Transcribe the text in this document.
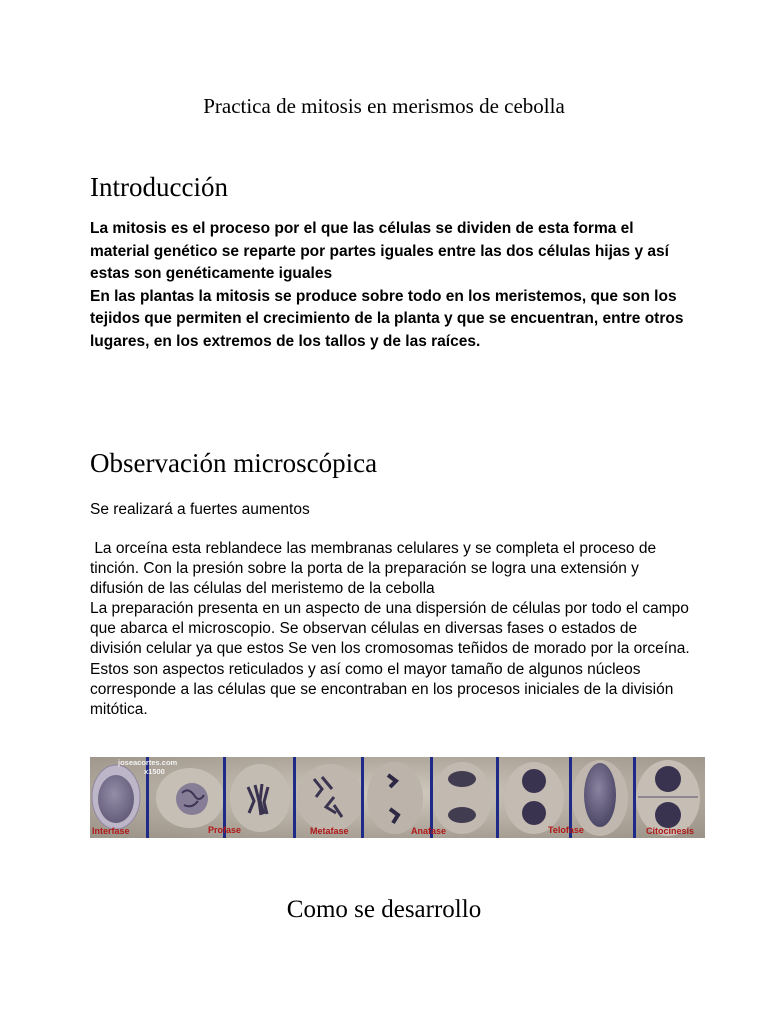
Practica de mitosis en merismos de cebolla
Introducción

La mitosis es el proceso por el que las células se dividen de esta forma el material genético se reparte por partes iguales entre las dos células hijas y así estas son genéticamente iguales

En las plantas la mitosis se produce sobre todo en los meristemos, que son los tejidos que permiten el crecimiento de la planta y que se encuentran, entre otros lugares, en los extremos de los tallos y de las raíces.

Observación microscópica
Se realizará a fuertes aumentos

La orceína esta reblandece las membranas celulares y se completa el proceso de tinción. Con la presión sobre la porta de la preparación se logra una extensión y difusión de las células del meristemo de la cebolla

La preparación presenta en un aspecto de una dispersión de células por todo el campo que abarca el microscopio. Se observan células en diversas fases o estados de división celular ya que estos Se ven los cromosomas teñidos de morado por la orceína.

Estos son aspectos reticulados y así como el mayor tamaño de algunos núcleos corresponde a las células que se encontraban en los procesos iniciales de la división mitótica.

joseacortes.com
x1500
Interfase	Profase	Metafase	Anafase	Telofase	Citocinesis
Como se desarrollo
